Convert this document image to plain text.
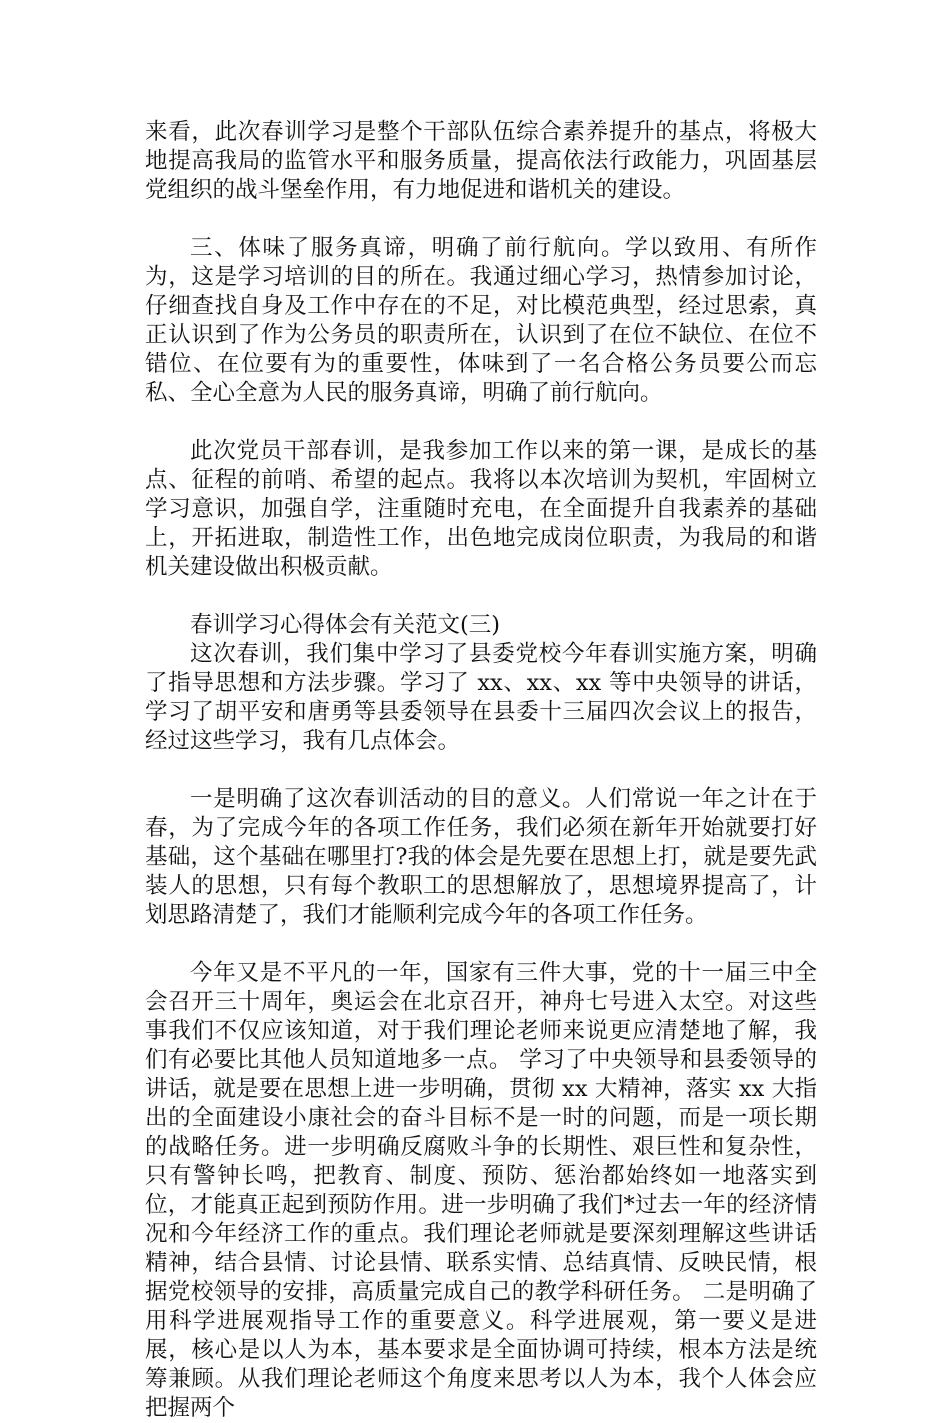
来看，此次春训学习是整个干部队伍综合素养提升的基点，将极大地提高我局的监管水平和服务质量，提高依法行政能力，巩固基层党组织的战斗堡垒作用，有力地促进和谐机关的建设。

三、体味了服务真谛，明确了前行航向。学以致用、有所作为，这是学习培训的目的所在。我通过细心学习，热情参加讨论，仔细查找自身及工作中存在的不足，对比模范典型，经过思索，真正认识到了作为公务员的职责所在，认识到了在位不缺位、在位不错位、在位要有为的重要性，体味到了一名合格公务员要公而忘私、全心全意为人民的服务真谛，明确了前行航向。

此次党员干部春训，是我参加工作以来的第一课，是成长的基点、征程的前哨、希望的起点。我将以本次培训为契机，牢固树立学习意识，加强自学，注重随时充电，在全面提升自我素养的基础上，开拓进取，制造性工作，出色地完成岗位职责，为我局的和谐机关建设做出积极贡献。

春训学习心得体会有关范文(三)

这次春训，我们集中学习了县委党校今年春训实施方案，明确了指导思想和方法步骤。学习了 xx、xx、xx 等中央领导的讲话，学习了胡平安和唐勇等县委领导在县委十三届四次会议上的报告，经过这些学习，我有几点体会。

一是明确了这次春训活动的目的意义。人们常说一年之计在于春，为了完成今年的各项工作任务，我们必须在新年开始就要打好基础，这个基础在哪里打?我的体会是先要在思想上打，就是要先武装人的思想，只有每个教职工的思想解放了，思想境界提高了，计划思路清楚了，我们才能顺利完成今年的各项工作任务。

今年又是不平凡的一年，国家有三件大事，党的十一届三中全会召开三十周年，奥运会在北京召开，神舟七号进入太空。对这些事我们不仅应该知道，对于我们理论老师来说更应清楚地了解，我们有必要比其他人员知道地多一点。 学习了中央领导和县委领导的讲话，就是要在思想上进一步明确，贯彻 xx 大精神，落实 xx 大指出的全面建设小康社会的奋斗目标不是一时的问题，而是一项长期的战略任务。进一步明确反腐败斗争的长期性、艰巨性和复杂性，只有警钟长鸣，把教育、制度、预防、惩治都始终如一地落实到位，才能真正起到预防作用。进一步明确了我们*过去一年的经济情况和今年经济工作的重点。我们理论老师就是要深刻理解这些讲话精神，结合县情、讨论县情、联系实情、总结真情、反映民情，根据党校领导的安排，高质量完成自己的教学科研任务。 二是明确了用科学进展观指导工作的重要意义。科学进展观，第一要义是进展，核心是以人为本，基本要求是全面协调可持续，根本方法是统筹兼顾。从我们理论老师这个角度来思考以人为本，我个人体会应把握两个
